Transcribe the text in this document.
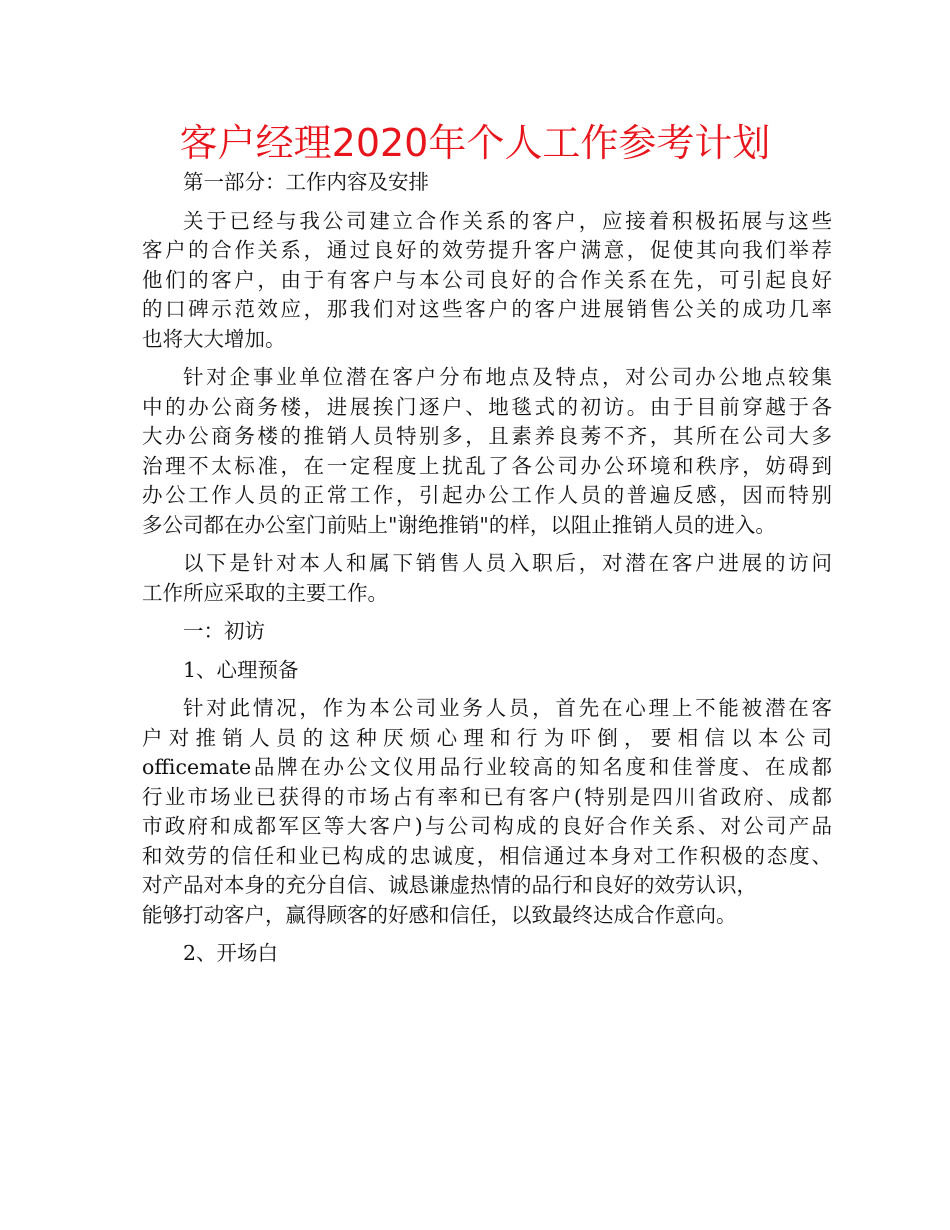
客户经理2020年个人工作参考计划
第一部分：工作内容及安排
关于已经与我公司建立合作关系的客户，应接着积极拓展与这些
客户的合作关系，通过良好的效劳提升客户满意，促使其向我们举荐
他们的客户，由于有客户与本公司良好的合作关系在先，可引起良好
的口碑示范效应，那我们对这些客户的客户进展销售公关的成功几率
也将大大增加。
针对企事业单位潜在客户分布地点及特点，对公司办公地点较集
中的办公商务楼，进展挨门逐户、地毯式的初访。由于目前穿越于各
大办公商务楼的推销人员特别多，且素养良莠不齐，其所在公司大多
治理不太标准，在一定程度上扰乱了各公司办公环境和秩序，妨碍到
办公工作人员的正常工作，引起办公工作人员的普遍反感，因而特别
多公司都在办公室门前贴上"谢绝推销"的样，以阻止推销人员的进入。
以下是针对本人和属下销售人员入职后，对潜在客户进展的访问
工作所应采取的主要工作。
一：初访
1、心理预备
针对此情况，作为本公司业务人员，首先在心理上不能被潜在客
户对推销人员的这种厌烦心理和行为吓倒，要相信以本公司
officemate品牌在办公文仪用品行业较高的知名度和佳誉度、在成都
行业市场业已获得的市场占有率和已有客户(特别是四川省政府、成都
市政府和成都军区等大客户)与公司构成的良好合作关系、对公司产品
和效劳的信任和业已构成的忠诚度，相信通过本身对工作积极的态度、
对产品对本身的充分自信、诚恳谦虚热情的品行和良好的效劳认识，
能够打动客户，赢得顾客的好感和信任，以致最终达成合作意向。
2、开场白
